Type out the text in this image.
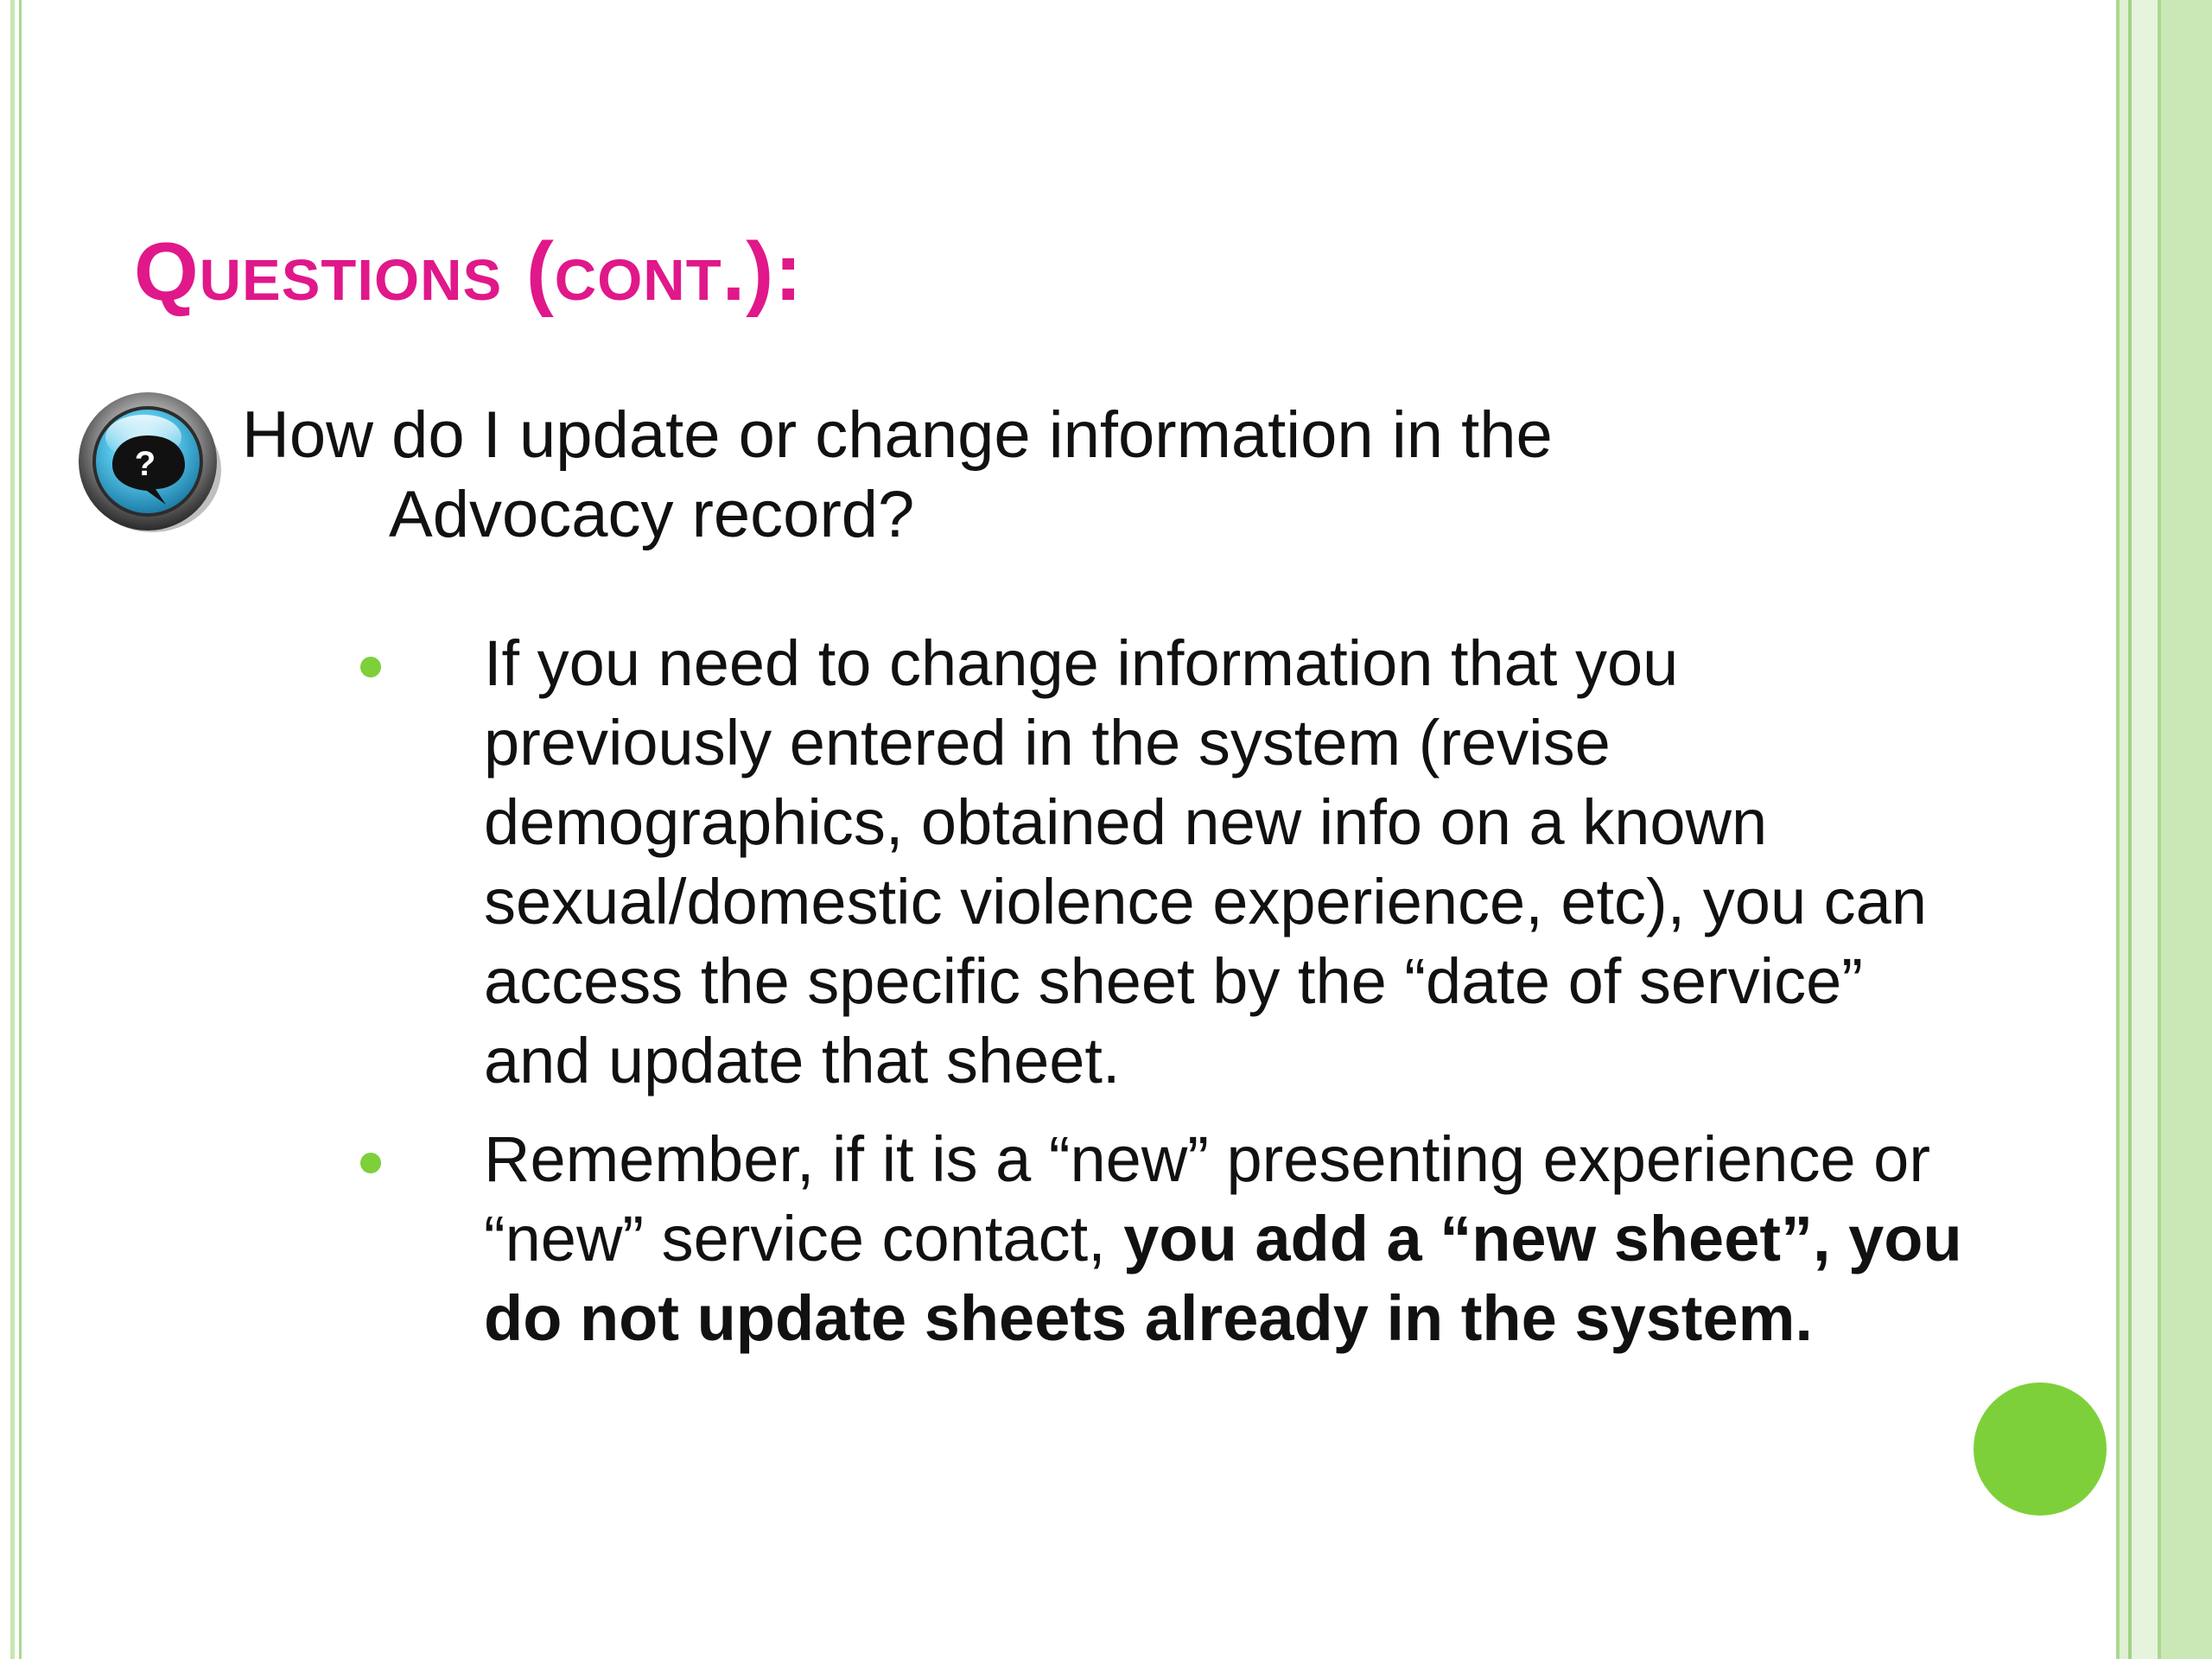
Questions (cont.):
? How do I update or change information in the
Advocacy record?

If you need to change information that you previously entered in the system (revise demographics, obtained new info on a known sexual/domestic violence experience, etc), you can access the specific sheet by the “date of service” and update that sheet.
Remember, if it is a “new” presenting experience or “new” service contact, you add a “new sheet”, you do not update sheets already in the system.
